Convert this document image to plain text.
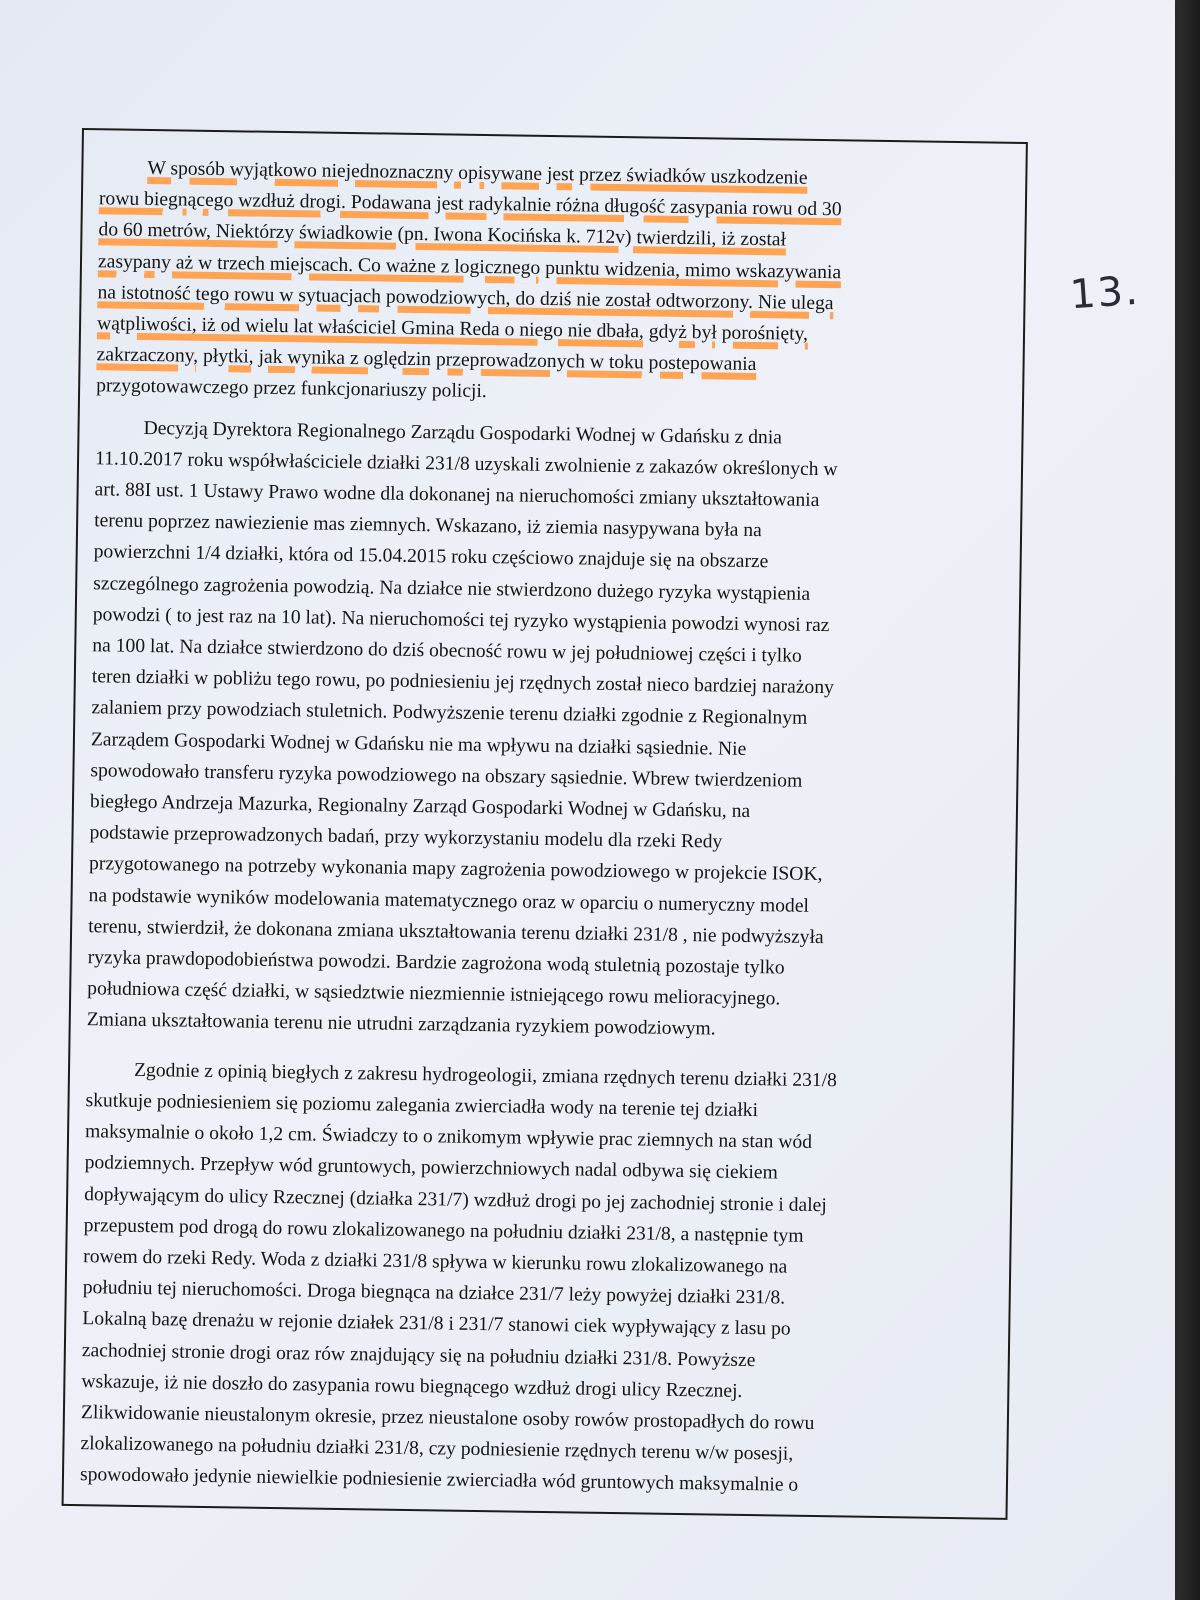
13.

W sposób wyjątkowo niejednoznaczny opisywane jest przez świadków uszkodzenie
rowu biegnącego wzdłuż drogi. Podawana jest radykalnie różna długość zasypania rowu od 30
do 60 metrów, Niektórzy świadkowie (pn. Iwona Kocińska k. 712v) twierdzili, iż został
zasypany aż w trzech miejscach. Co ważne z logicznego punktu widzenia, mimo wskazywania
na istotność tego rowu w sytuacjach powodziowych, do dziś nie został odtworzony. Nie ulega
wątpliwości, iż od wielu lat właściciel Gmina Reda o niego nie dbała, gdyż był porośnięty,
zakrzaczony, płytki, jak wynika z oględzin przeprowadzonych w toku postepowania
przygotowawczego przez funkcjonariuszy policji.

Decyzją Dyrektora Regionalnego Zarządu Gospodarki Wodnej w Gdańsku z dnia
11.10.2017 roku współwłaściciele działki 231/8 uzyskali zwolnienie z zakazów określonych w
art. 88I ust. 1 Ustawy Prawo wodne dla dokonanej na nieruchomości zmiany ukształtowania
terenu poprzez nawiezienie mas ziemnych. Wskazano, iż ziemia nasypywana była na
powierzchni 1/4 działki, która od 15.04.2015 roku częściowo znajduje się na obszarze
szczególnego zagrożenia powodzią. Na działce nie stwierdzono dużego ryzyka wystąpienia
powodzi ( to jest raz na 10 lat). Na nieruchomości tej ryzyko wystąpienia powodzi wynosi raz
na 100 lat. Na działce stwierdzono do dziś obecność rowu w jej południowej części i tylko
teren działki w pobliżu tego rowu, po podniesieniu jej rzędnych został nieco bardziej narażony
zalaniem przy powodziach stuletnich. Podwyższenie terenu działki zgodnie z Regionalnym
Zarządem Gospodarki Wodnej w Gdańsku nie ma wpływu na działki sąsiednie. Nie
spowodowało transferu ryzyka powodziowego na obszary sąsiednie. Wbrew twierdzeniom
biegłego Andrzeja Mazurka, Regionalny Zarząd Gospodarki Wodnej w Gdańsku, na
podstawie przeprowadzonych badań, przy wykorzystaniu modelu dla rzeki Redy
przygotowanego na potrzeby wykonania mapy zagrożenia powodziowego w projekcie ISOK,
na podstawie wyników modelowania matematycznego oraz w oparciu o numeryczny model
terenu, stwierdził, że dokonana zmiana ukształtowania terenu działki 231/8 , nie podwyższyła
ryzyka prawdopodobieństwa powodzi. Bardzie zagrożona wodą stuletnią pozostaje tylko
południowa część działki, w sąsiedztwie niezmiennie istniejącego rowu melioracyjnego.
Zmiana ukształtowania terenu nie utrudni zarządzania ryzykiem powodziowym.

Zgodnie z opinią biegłych z zakresu hydrogeologii, zmiana rzędnych terenu działki 231/8
skutkuje podniesieniem się poziomu zalegania zwierciadła wody na terenie tej działki
maksymalnie o około 1,2 cm. Świadczy to o znikomym wpływie prac ziemnych na stan wód
podziemnych. Przepływ wód gruntowych, powierzchniowych nadal odbywa się ciekiem
dopływającym do ulicy Rzecznej (działka 231/7) wzdłuż drogi po jej zachodniej stronie i dalej
przepustem pod drogą do rowu zlokalizowanego na południu działki 231/8, a następnie tym
rowem do rzeki Redy. Woda z działki 231/8 spływa w kierunku rowu zlokalizowanego na
południu tej nieruchomości. Droga biegnąca na działce 231/7 leży powyżej działki 231/8.
Lokalną bazę drenażu w rejonie działek 231/8 i 231/7 stanowi ciek wypływający z lasu po
zachodniej stronie drogi oraz rów znajdujący się na południu działki 231/8. Powyższe
wskazuje, iż nie doszło do zasypania rowu biegnącego wzdłuż drogi ulicy Rzecznej.
Zlikwidowanie nieustalonym okresie, przez nieustalone osoby rowów prostopadłych do rowu
zlokalizowanego na południu działki 231/8, czy podniesienie rzędnych terenu w/w posesji,
spowodowało jedynie niewielkie podniesienie zwierciadła wód gruntowych maksymalnie o
